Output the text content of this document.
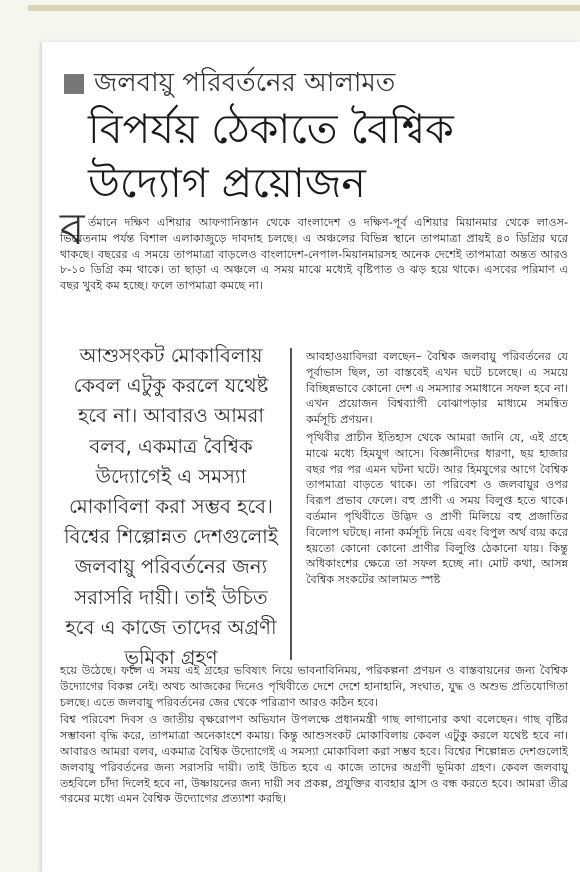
জলবায়ু পরিবর্তনের আলামত
বিপর্যয় ঠেকাতে বৈশ্বিক
উদ্যোগ প্রয়োজন
ব র্তমানে দক্ষিণ এশিয়ার আফগানিস্তান থেকে বাংলাদেশ ও দক্ষিণ-পূর্ব এশিয়ার মিয়ানমার থেকে লাওস-ভিয়েতনাম পর্যন্ত বিশাল এলাকাজুড়ে দাবদাহ চলছে। এ অঞ্চলের বিভিন্ন স্থানে তাপমাত্রা প্রায়ই ৪০ ডিগ্রির ঘরে থাকছে। বছরের এ সময়ে তাপমাত্রা বাড়লেও বাংলাদেশ-নেপাল-মিয়ানমারসহ অনেক দেশেই তাপমাত্রা অন্তত আরও ৮-১০ ডিগ্রি কম থাকে। তা ছাড়া এ অঞ্চলে এ সময় মাঝে মধ্যেই বৃষ্টিপাত ও ঝড় হয়ে থাকে। এসবের পরিমাণ এ বছর খুবই কম হচ্ছে। ফলে তাপমাত্রা কমছে না।

আশুসংকট মোকাবিলায় কেবল এটুকু করলে যথেষ্ট হবে না। আবারও আমরা বলব, একমাত্র বৈশ্বিক উদ্যোগেই এ সমস্যা মোকাবিলা করা সম্ভব হবে। বিশ্বের শিল্পোন্নত দেশগুলোই জলবায়ু পরিবর্তনের জন্য সরাসরি দায়ী। তাই উচিত হবে এ কাজে তাদের অগ্রণী ভূমিকা গ্রহণ

আবহাওয়াবিদরা বলছেন– বৈশ্বিক জলবায়ু পরিবর্তনের যে পূর্বাভাস ছিল, তা বাস্তবেই এখন ঘটে চলেছে। এ সময়ে বিচ্ছিন্নভাবে কোনো দেশ এ সমস্যার সমাধানে সফল হবে না। এখন প্রয়োজন বিশ্বব্যাপী বোঝাপড়ার মাধ্যমে সমন্বিত কর্মসূচি প্রণয়ন।

পৃথিবীর প্রাচীন ইতিহাস থেকে আমরা জানি যে, এই গ্রহে মাঝে মধ্যে হিমযুগ আসে। বিজ্ঞানীদের ধারণা, ছয় হাজার বছর পর পর এমন ঘটনা ঘটে। আর হিমযুগের আগে বৈশ্বিক তাপমাত্রা বাড়তে থাকে। তা পরিবেশ ও জলবায়ুর ওপর বিরূপ প্রভাব ফেলে। বহু প্রাণী এ সময় বিলুপ্ত হতে থাকে। বর্তমান পৃথিবীতে উদ্ভিদ ও প্রাণী মিলিয়ে বহু প্রজাতির বিলোপ ঘটছে। নানা কর্মসূচি নিয়ে এবং বিপুল অর্থ ব্যয় করে হয়তো কোনো কোনো প্রাণীর বিলুপ্তি ঠেকানো যায়। কিন্তু অধিকাংশের ক্ষেত্রে তা সফল হচ্ছে না। মোট কথা, আসন্ন বৈশ্বিক সংকটের আলামত স্পষ্ট

হয়ে উঠেছে। ফলে এ সময় এই গ্রহের ভবিষ্যৎ নিয়ে ভাবনাবিনিময়, পরিকল্পনা প্রণয়ন ও বাস্তবায়নের জন্য বৈশ্বিক উদ্যোগের বিকল্প নেই। অথচ আজকের দিনেও পৃথিবীতে দেশে দেশে হানাহানি, সংঘাত, যুদ্ধ ও অশুভ প্রতিযোগিতা চলছে। এতে জলবায়ু পরিবর্তনের জের থেকে পরিত্রাণ আরও কঠিন হবে।

বিশ্ব পরিবেশ দিবস ও জাতীয় বৃক্ষরোপণ অভিযান উপলক্ষে প্রধানমন্ত্রী গাছ লাগানোর কথা বলেছেন। গাছ বৃষ্টির সম্ভাবনা বৃদ্ধি করে, তাপমাত্রা অনেকাংশে কমায়। কিন্তু আশুসংকট মোকাবিলায় কেবল এটুকু করলে যথেষ্ট হবে না। আবারও আমরা বলব, একমাত্র বৈশ্বিক উদ্যোগেই এ সমস্যা মোকাবিলা করা সম্ভব হবে। বিশ্বের শিল্পোন্নত দেশগুলোই জলবায়ু পরিবর্তনের জন্য সরাসরি দায়ী। তাই উচিত হবে এ কাজে তাদের অগ্রণী ভূমিকা গ্রহণ। কেবল জলবায়ু তহবিলে চাঁদা দিলেই হবে না, উষ্ণায়নের জন্য দায়ী সব প্রকল্প, প্রযুক্তির ব্যবহার হ্রাস ও বন্ধ করতে হবে। আমরা তীব্র গরমের মধ্যে এমন বৈশ্বিক উদ্যোগের প্রত্যাশা করছি।
